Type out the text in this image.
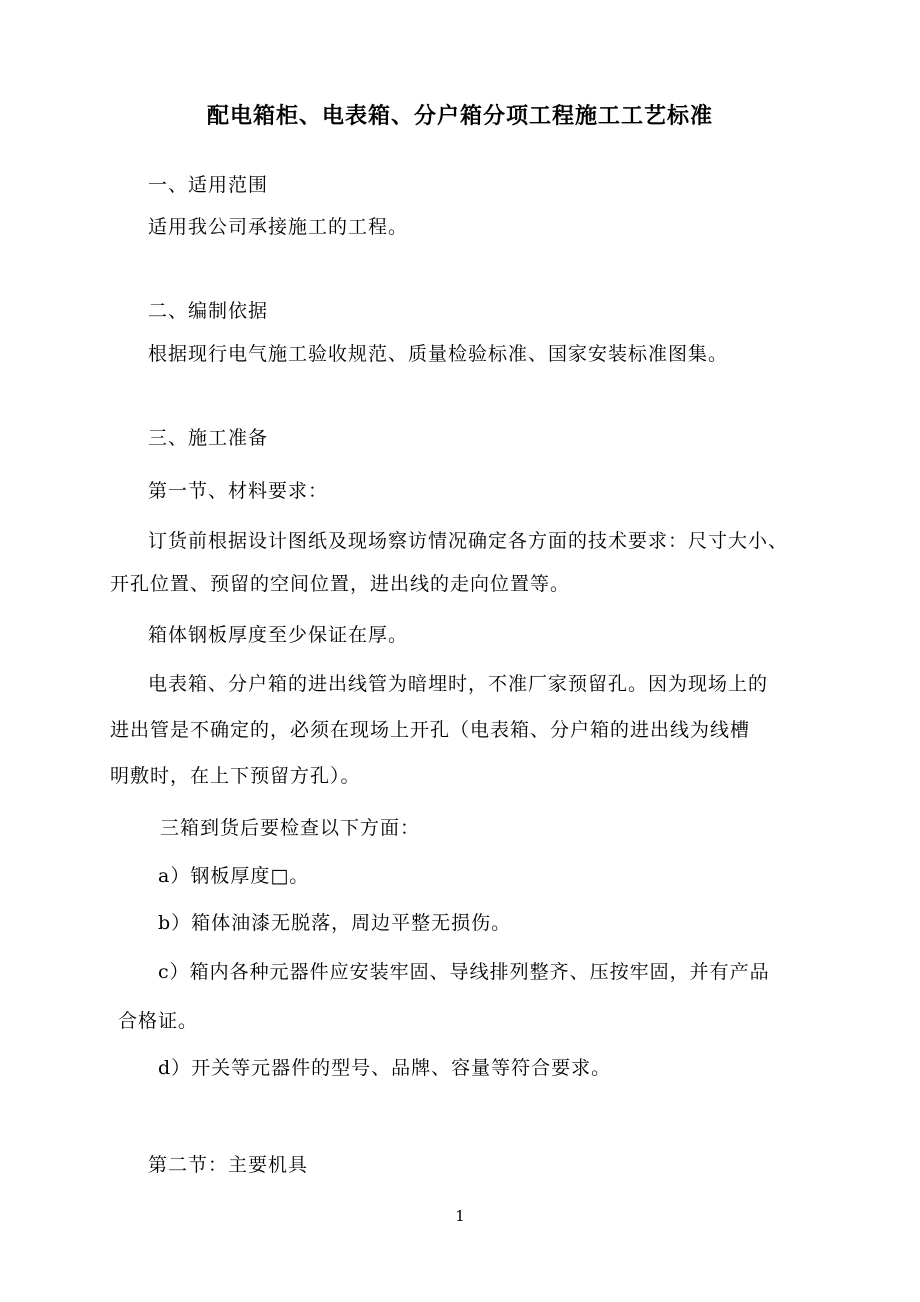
配电箱柜、电表箱、分户箱分项工程施工工艺标准
一、适用范围
适用我公司承接施工的工程。
二、编制依据
根据现行电气施工验收规范、质量检验标准、国家安装标准图集。
三、施工准备
第一节、材料要求：
订货前根据设计图纸及现场察访情况确定各方面的技术要求：尺寸大小、
开孔位置、预留的空间位置，进出线的走向位置等。
箱体钢板厚度至少保证在厚。
电表箱、分户箱的进出线管为暗埋时，不准厂家预留孔。因为现场上的
进出管是不确定的，必须在现场上开孔（电表箱、分户箱的进出线为线槽
明敷时，在上下预留方孔）。
三箱到货后要检查以下方面：
a）钢板厚度□。
b）箱体油漆无脱落，周边平整无损伤。
c）箱内各种元器件应安装牢固、导线排列整齐、压按牢固，并有产品
合格证。
d）开关等元器件的型号、品牌、容量等符合要求。
第二节：主要机具
1
